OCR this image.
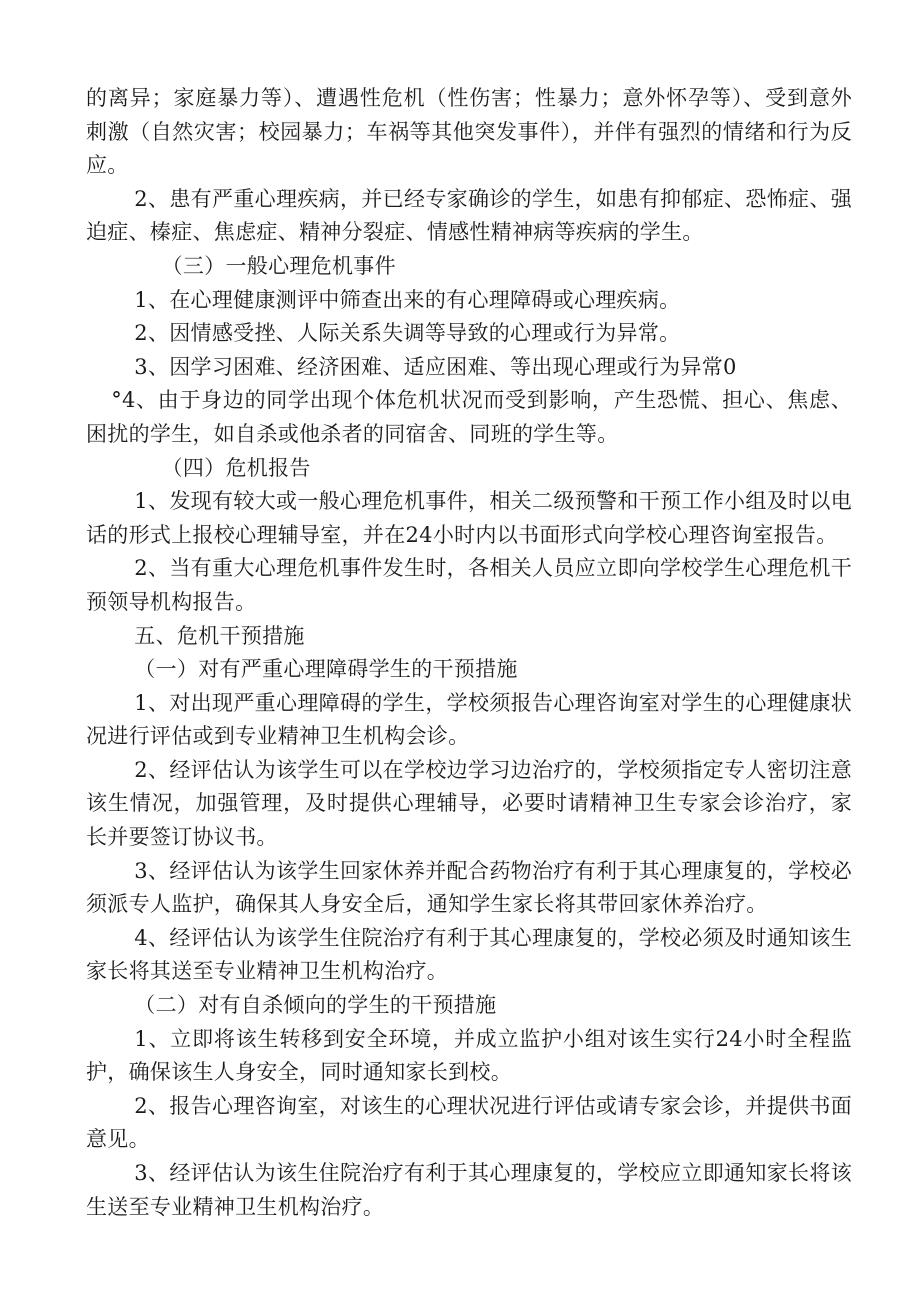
的离异；家庭暴力等）、遭遇性危机（性伤害；性暴力；意外怀孕等）、受到意外刺激（自然灾害；校园暴力；车祸等其他突发事件），并伴有强烈的情绪和行为反应。

2、患有严重心理疾病，并已经专家确诊的学生，如患有抑郁症、恐怖症、强迫症、榛症、焦虑症、精神分裂症、情感性精神病等疾病的学生。

（三）一般心理危机事件

1、在心理健康测评中筛查出来的有心理障碍或心理疾病。

2、因情感受挫、人际关系失调等导致的心理或行为异常。

3、因学习困难、经济困难、适应困难、等出现心理或行为异常0

°4、由于身边的同学出现个体危机状况而受到影响，产生恐慌、担心、焦虑、困扰的学生，如自杀或他杀者的同宿舍、同班的学生等。

（四）危机报告

1、发现有较大或一般心理危机事件，相关二级预警和干预工作小组及时以电话的形式上报校心理辅导室，并在24小时内以书面形式向学校心理咨询室报告。

2、当有重大心理危机事件发生时，各相关人员应立即向学校学生心理危机干预领导机构报告。

五、危机干预措施

（一）对有严重心理障碍学生的干预措施

1、对出现严重心理障碍的学生，学校须报告心理咨询室对学生的心理健康状况进行评估或到专业精神卫生机构会诊。

2、经评估认为该学生可以在学校边学习边治疗的，学校须指定专人密切注意该生情况，加强管理，及时提供心理辅导，必要时请精神卫生专家会诊治疗，家长并要签订协议书。

3、经评估认为该学生回家休养并配合药物治疗有利于其心理康复的，学校必须派专人监护，确保其人身安全后，通知学生家长将其带回家休养治疗。

4、经评估认为该学生住院治疗有利于其心理康复的，学校必须及时通知该生家长将其送至专业精神卫生机构治疗。

（二）对有自杀倾向的学生的干预措施

1、立即将该生转移到安全环境，并成立监护小组对该生实行24小时全程监护，确保该生人身安全，同时通知家长到校。

2、报告心理咨询室，对该生的心理状况进行评估或请专家会诊，并提供书面意见。

3、经评估认为该生住院治疗有利于其心理康复的，学校应立即通知家长将该生送至专业精神卫生机构治疗。
